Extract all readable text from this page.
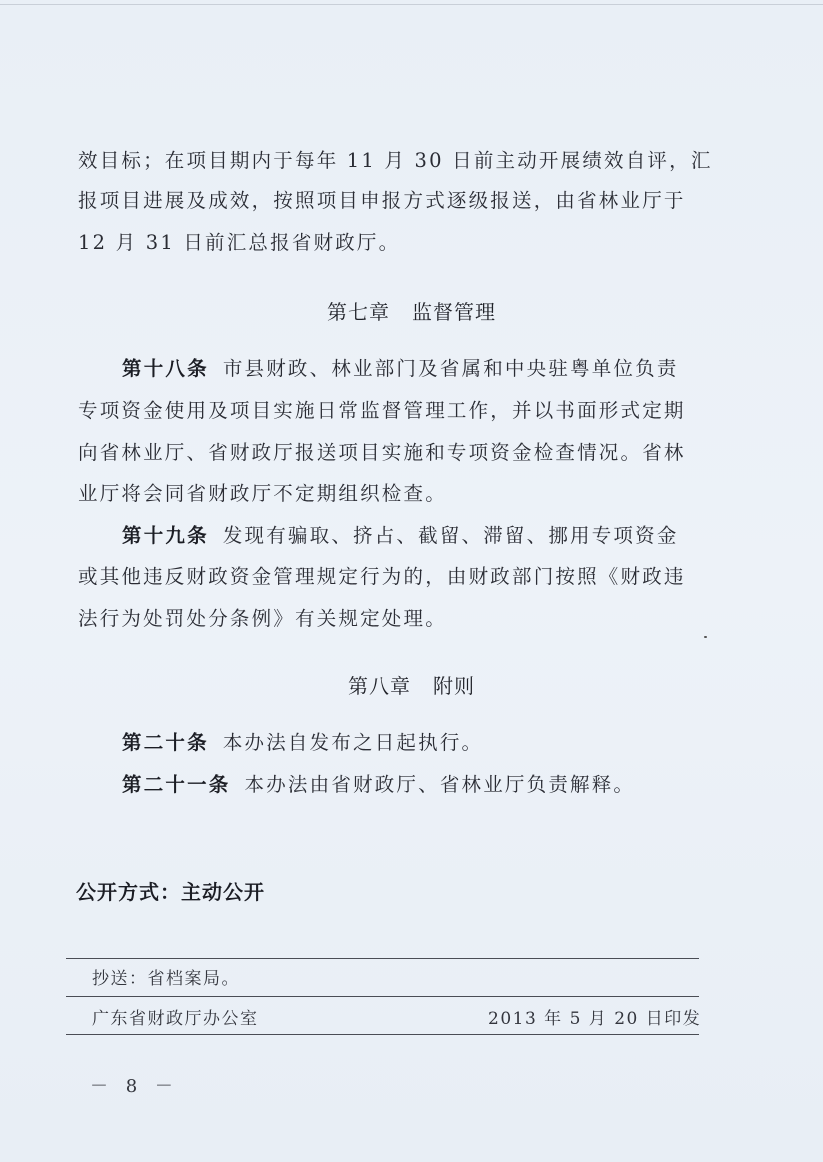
效目标；在项目期内于每年 11 月 30 日前主动开展绩效自评，汇
报项目进展及成效，按照项目申报方式逐级报送，由省林业厅于
12 月 31 日前汇总报省财政厅。
第七章 监督管理
第十八条 市县财政、林业部门及省属和中央驻粤单位负责
专项资金使用及项目实施日常监督管理工作，并以书面形式定期
向省林业厅、省财政厅报送项目实施和专项资金检查情况。省林
业厅将会同省财政厅不定期组织检查。
第十九条 发现有骗取、挤占、截留、滞留、挪用专项资金
或其他违反财政资金管理规定行为的，由财政部门按照《财政违
法行为处罚处分条例》有关规定处理。
第八章 附则
第二十条 本办法自发布之日起执行。
第二十一条 本办法由省财政厅、省林业厅负责解释。
公开方式：主动公开
抄送：省档案局。
广东省财政厅办公室	2013 年 5 月 20 日印发
－ 8 －
